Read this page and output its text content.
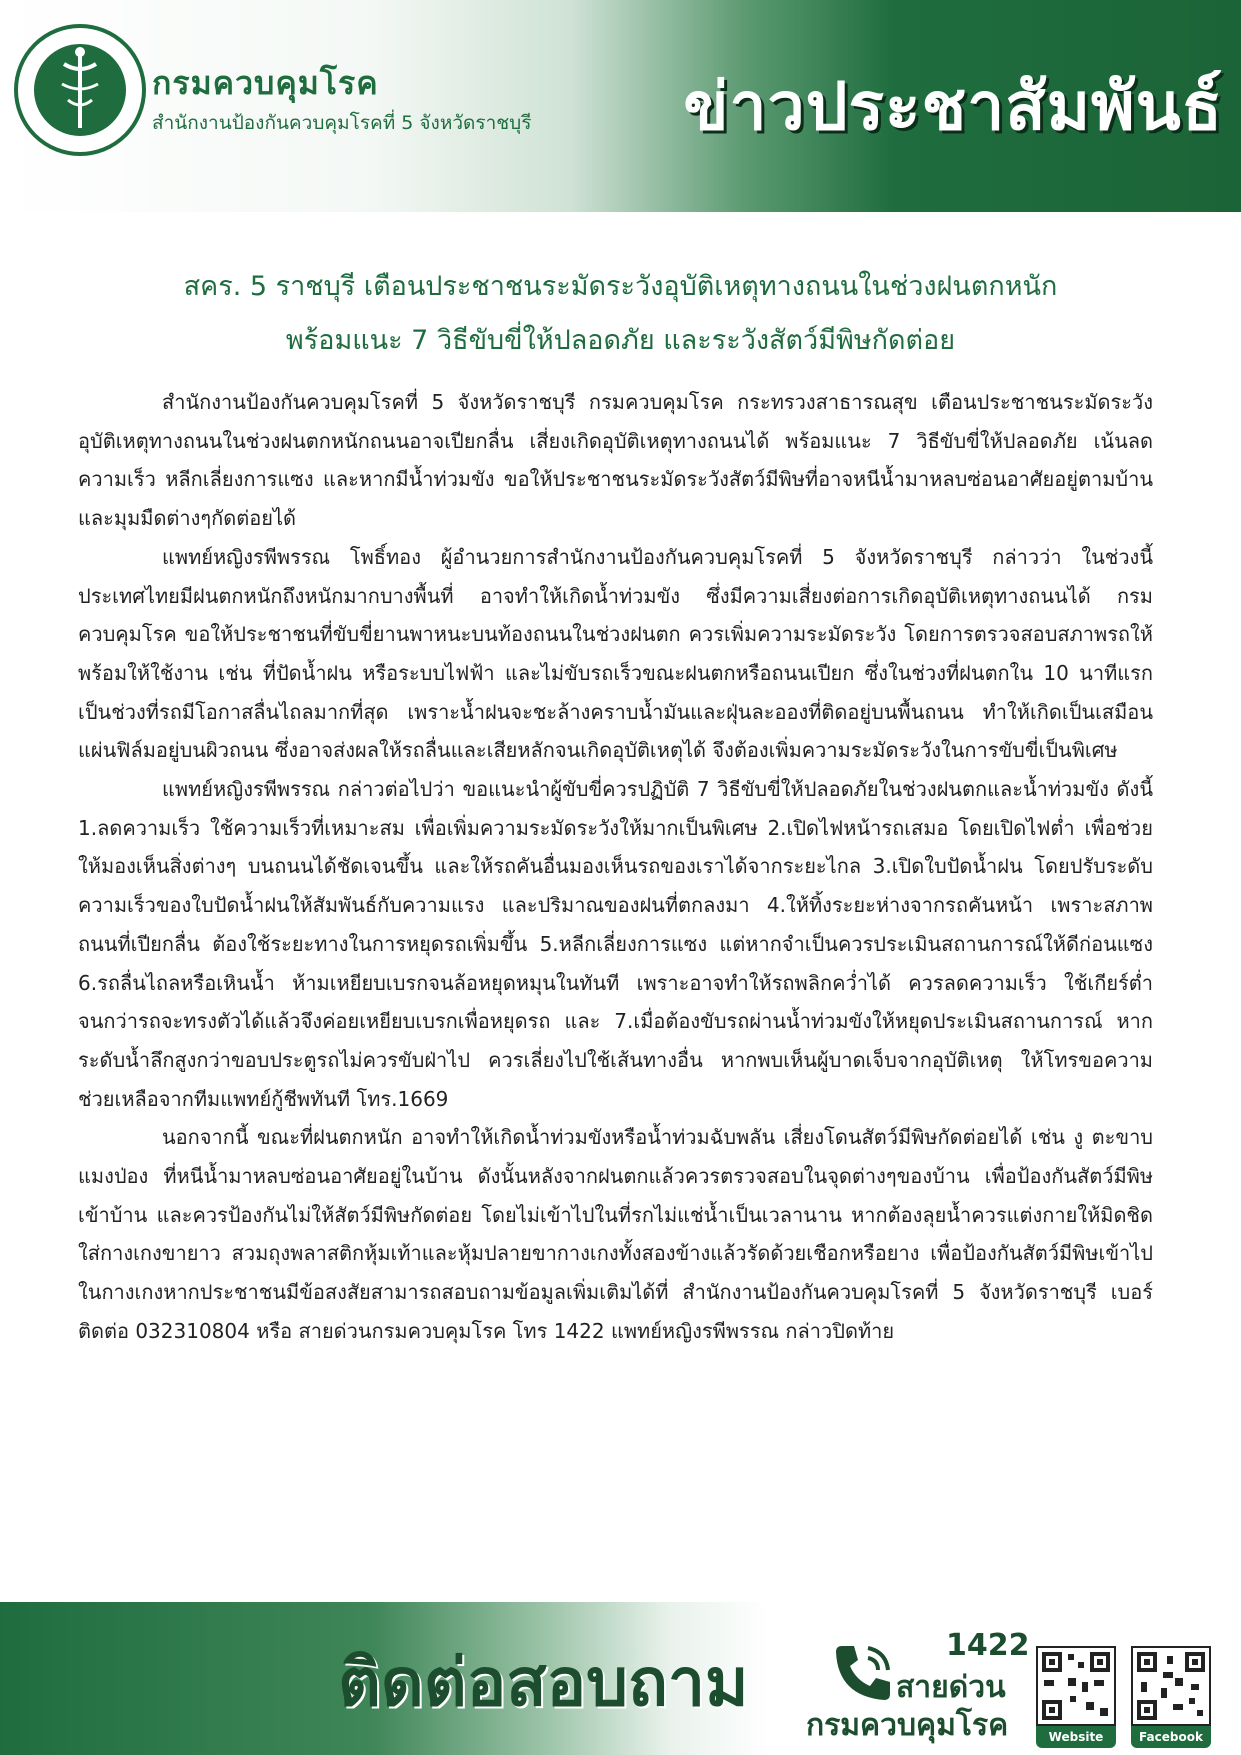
กรมควบคุมโรค
สำนักงานป้องกันควบคุมโรคที่ 5 จังหวัดราชบุรี ข่าวประชาสัมพันธ์
สคร. 5 ราชบุรี เตือนประชาชนระมัดระวังอุบัติเหตุทางถนนในช่วงฝนตกหนัก
พร้อมแนะ 7 วิธีขับขี่ให้ปลอดภัย และระวังสัตว์มีพิษกัดต่อย

สำนักงานป้องกันควบคุมโรคที่ 5 จังหวัดราชบุรี กรมควบคุมโรค กระทรวงสาธารณสุข เตือนประชาชนระมัดระวังอุบัติเหตุทางถนนในช่วงฝนตกหนักถนนอาจเปียกลื่น เสี่ยงเกิดอุบัติเหตุทางถนนได้ พร้อมแนะ 7 วิธีขับขี่ให้ปลอดภัย เน้นลดความเร็ว หลีกเลี่ยงการแซง และหากมีน้ำท่วมขัง ขอให้ประชาชนระมัดระวังสัตว์มีพิษที่อาจหนีน้ำมาหลบซ่อนอาศัยอยู่ตามบ้าน และมุมมืดต่างๆกัดต่อยได้

แพทย์หญิงรพีพรรณ โพธิ์ทอง ผู้อำนวยการสำนักงานป้องกันควบคุมโรคที่ 5 จังหวัดราชบุรี กล่าวว่า ในช่วงนี้ประเทศไทยมีฝนตกหนักถึงหนักมากบางพื้นที่ อาจทำให้เกิดน้ำท่วมขัง ซึ่งมีความเสี่ยงต่อการเกิดอุบัติเหตุทางถนนได้ กรมควบคุมโรค ขอให้ประชาชนที่ขับขี่ยานพาหนะบนท้องถนนในช่วงฝนตก ควรเพิ่มความระมัดระวัง โดยการตรวจสอบสภาพรถให้พร้อมให้ใช้งาน เช่น ที่ปัดน้ำฝน หรือระบบไฟฟ้า และไม่ขับรถเร็วขณะฝนตกหรือถนนเปียก ซึ่งในช่วงที่ฝนตกใน 10 นาทีแรก เป็นช่วงที่รถมีโอกาสลื่นไถลมากที่สุด เพราะน้ำฝนจะชะล้างคราบน้ำมันและฝุ่นละอองที่ติดอยู่บนพื้นถนน ทำให้เกิดเป็นเสมือนแผ่นฟิล์มอยู่บนผิวถนน ซึ่งอาจส่งผลให้รถลื่นและเสียหลักจนเกิดอุบัติเหตุได้ จึงต้องเพิ่มความระมัดระวังในการขับขี่เป็นพิเศษ

แพทย์หญิงรพีพรรณ กล่าวต่อไปว่า ขอแนะนำผู้ขับขี่ควรปฏิบัติ 7 วิธีขับขี่ให้ปลอดภัยในช่วงฝนตกและน้ำท่วมขัง ดังนี้ 1.ลดความเร็ว ใช้ความเร็วที่เหมาะสม เพื่อเพิ่มความระมัดระวังให้มากเป็นพิเศษ 2.เปิดไฟหน้ารถเสมอ โดยเปิดไฟต่ำ เพื่อช่วยให้มองเห็นสิ่งต่างๆ บนถนนได้ชัดเจนขึ้น และให้รถคันอื่นมองเห็นรถของเราได้จากระยะไกล 3.เปิดใบปัดน้ำฝน โดยปรับระดับความเร็วของใบปัดน้ำฝนให้สัมพันธ์กับความแรง และปริมาณของฝนที่ตกลงมา 4.ให้ทิ้งระยะห่างจากรถคันหน้า เพราะสภาพถนนที่เปียกลื่น ต้องใช้ระยะทางในการหยุดรถเพิ่มขึ้น 5.หลีกเลี่ยงการแซง แต่หากจำเป็นควรประเมินสถานการณ์ให้ดีก่อนแซง 6.รถลื่นไถลหรือเหินน้ำ ห้ามเหยียบเบรกจนล้อหยุดหมุนในทันที เพราะอาจทำให้รถพลิกคว่ำได้ ควรลดความเร็ว ใช้เกียร์ต่ำจนกว่ารถจะทรงตัวได้แล้วจึงค่อยเหยียบเบรกเพื่อหยุดรถ และ 7.เมื่อต้องขับรถผ่านน้ำท่วมขังให้หยุดประเมินสถานการณ์ หากระดับน้ำลึกสูงกว่าขอบประตูรถไม่ควรขับฝ่าไป ควรเลี่ยงไปใช้เส้นทางอื่น หากพบเห็นผู้บาดเจ็บจากอุบัติเหตุ ให้โทรขอความช่วยเหลือจากทีมแพทย์กู้ชีพทันที โทร.1669

นอกจากนี้ ขณะที่ฝนตกหนัก อาจทำให้เกิดน้ำท่วมขังหรือน้ำท่วมฉับพลัน เสี่ยงโดนสัตว์มีพิษกัดต่อยได้ เช่น งู ตะขาบ แมงป่อง ที่หนีน้ำมาหลบซ่อนอาศัยอยู่ในบ้าน ดังนั้นหลังจากฝนตกแล้วควรตรวจสอบในจุดต่างๆของบ้าน เพื่อป้องกันสัตว์มีพิษเข้าบ้าน และควรป้องกันไม่ให้สัตว์มีพิษกัดต่อย โดยไม่เข้าไปในที่รกไม่แช่น้ำเป็นเวลานาน หากต้องลุยน้ำควรแต่งกายให้มิดชิด ใส่กางเกงขายาว สวมถุงพลาสติกหุ้มเท้าและหุ้มปลายขากางเกงทั้งสองข้างแล้วรัดด้วยเชือกหรือยาง เพื่อป้องกันสัตว์มีพิษเข้าไปในกางเกงหากประชาชนมีข้อสงสัยสามารถสอบถามข้อมูลเพิ่มเติมได้ที่ สำนักงานป้องกันควบคุมโรคที่ 5 จังหวัดราชบุรี เบอร์ติดต่อ 032310804 หรือ สายด่วนกรมควบคุมโรค โทร 1422 แพทย์หญิงรพีพรรณ กล่าวปิดท้าย

ติดต่อสอบถาม	1422
สายด่วน
กรมควบคุมโรค	Website	Facebook
